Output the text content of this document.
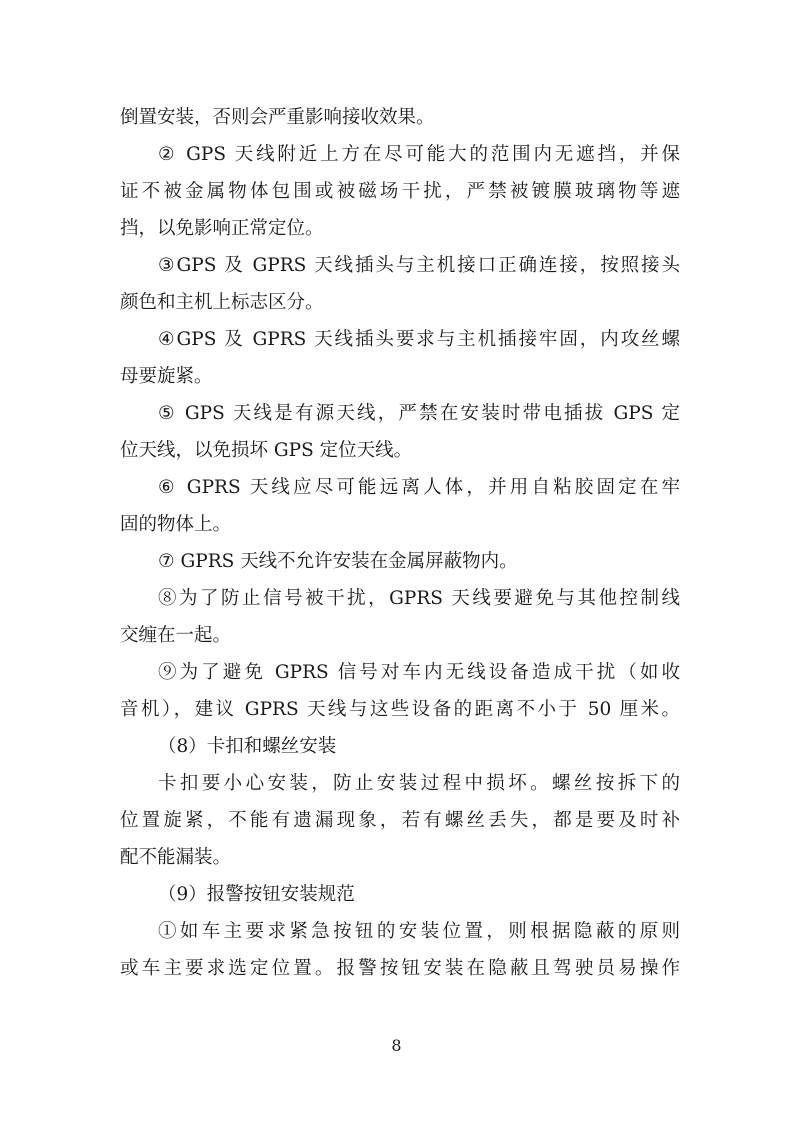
倒置安装，否则会严重影响接收效果。
② GPS 天线附近上方在尽可能大的范围内无遮挡，并保
证不被金属物体包围或被磁场干扰，严禁被镀膜玻璃物等遮
挡，以免影响正常定位。
③GPS 及 GPRS 天线插头与主机接口正确连接，按照接头
颜色和主机上标志区分。
④GPS 及 GPRS 天线插头要求与主机插接牢固，内攻丝螺
母要旋紧。
⑤ GPS 天线是有源天线，严禁在安装时带电插拔 GPS 定
位天线，以免损坏 GPS 定位天线。
⑥ GPRS 天线应尽可能远离人体，并用自粘胶固定在牢
固的物体上。
⑦ GPRS 天线不允许安装在金属屏蔽物内。
⑧为了防止信号被干扰，GPRS 天线要避免与其他控制线
交缠在一起。
⑨为了避免 GPRS 信号对车内无线设备造成干扰（如收
音机），建议 GPRS 天线与这些设备的距离不小于 50 厘米。
（8）卡扣和螺丝安装
卡扣要小心安装，防止安装过程中损坏。螺丝按拆下的
位置旋紧，不能有遗漏现象，若有螺丝丢失，都是要及时补
配不能漏装。
（9）报警按钮安装规范
①如车主要求紧急按钮的安装位置，则根据隐蔽的原则
或车主要求选定位置。报警按钮安装在隐蔽且驾驶员易操作
8
